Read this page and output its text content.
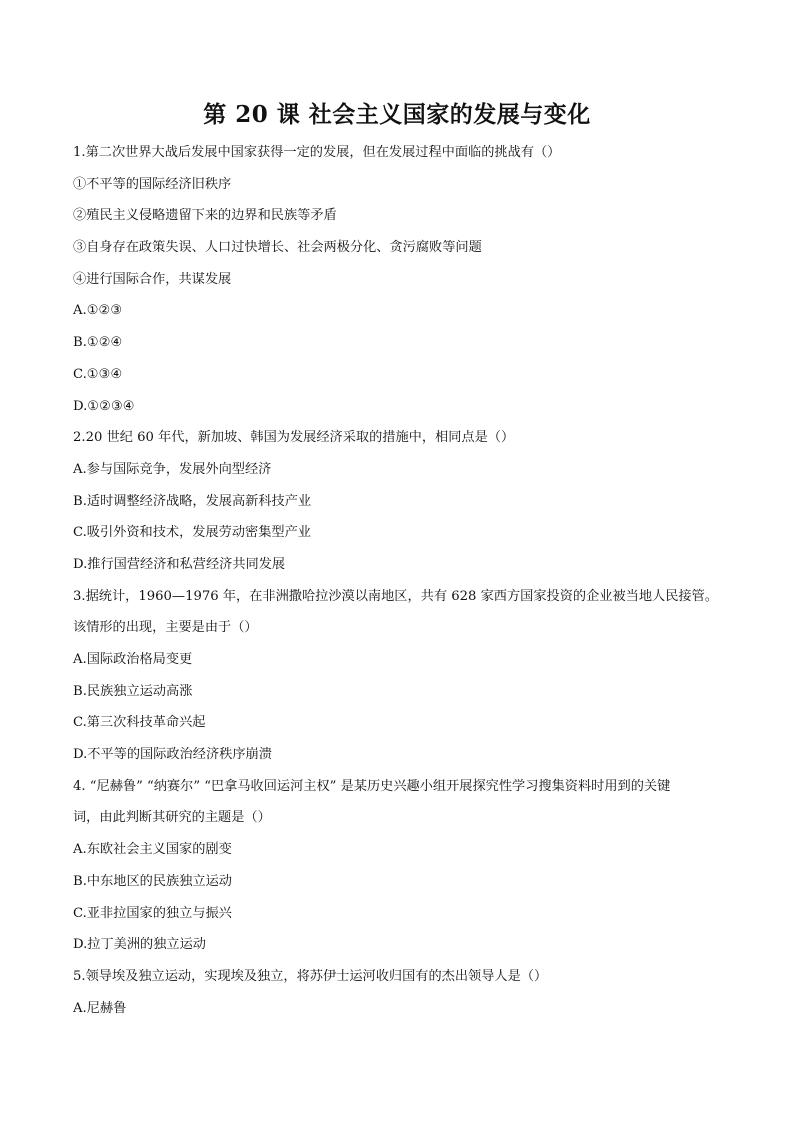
第 20 课 社会主义国家的发展与变化
1.第二次世界大战后发展中国家获得一定的发展，但在发展过程中面临的挑战有（）
①不平等的国际经济旧秩序
②殖民主义侵略遗留下来的边界和民族等矛盾
③自身存在政策失误、人口过快增长、社会两极分化、贪污腐败等问题
④进行国际合作，共谋发展
A.①②③
B.①②④
C.①③④
D.①②③④
2.20 世纪 60 年代，新加坡、韩国为发展经济采取的措施中，相同点是（）
A.参与国际竞争，发展外向型经济
B.适时调整经济战略，发展高新科技产业
C.吸引外资和技术，发展劳动密集型产业
D.推行国营经济和私营经济共同发展
3.据统计，1960—1976 年，在非洲撒哈拉沙漠以南地区，共有 628 家西方国家投资的企业被当地人民接管。
该情形的出现，主要是由于（）
A.国际政治格局变更
B.民族独立运动高涨
C.第三次科技革命兴起
D.不平等的国际政治经济秩序崩溃
4. “尼赫鲁” “纳赛尔” “巴拿马收回运河主权” 是某历史兴趣小组开展探究性学习搜集资料时用到的关键
词，由此判断其研究的主题是（）
A.东欧社会主义国家的剧变
B.中东地区的民族独立运动
C.亚非拉国家的独立与振兴
D.拉丁美洲的独立运动
5.领导埃及独立运动，实现埃及独立，将苏伊士运河收归国有的杰出领导人是（）
A.尼赫鲁
